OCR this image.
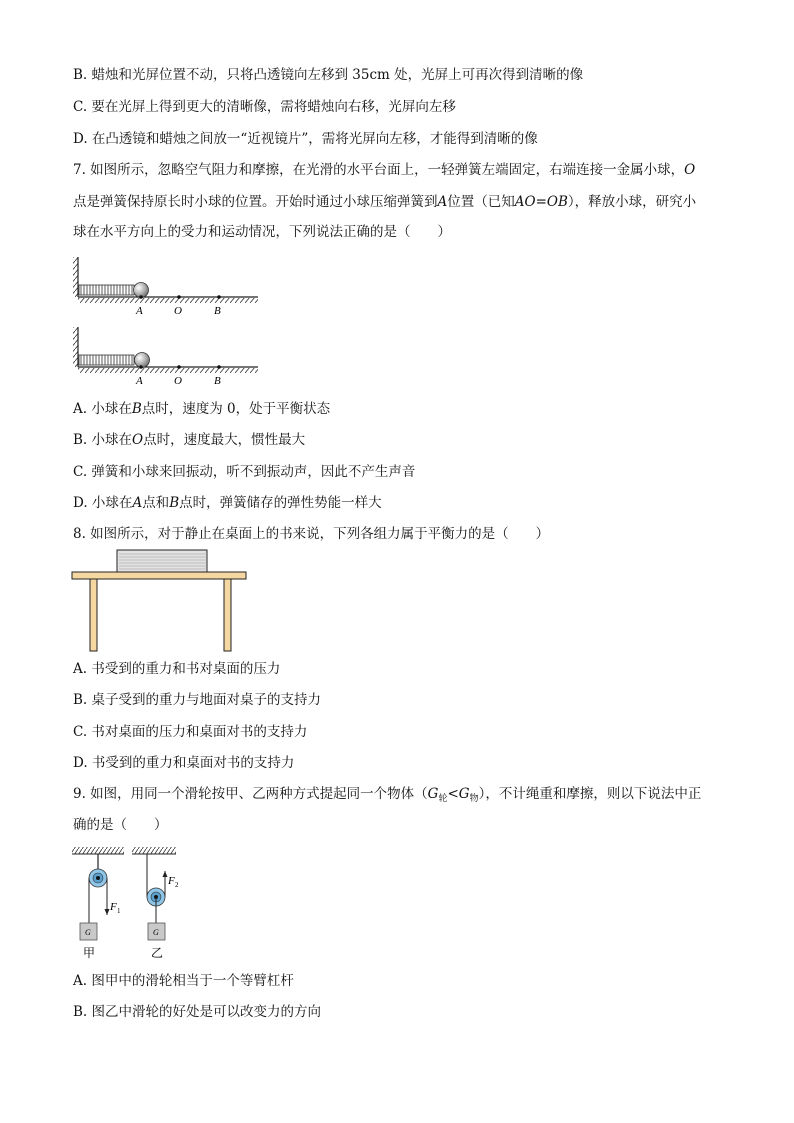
B. 蜡烛和光屏位置不动，只将凸透镜向左移到 35cm 处，光屏上可再次得到清晰的像
C. 要在光屏上得到更大的清晰像，需将蜡烛向右移，光屏向左移
D. 在凸透镜和蜡烛之间放一“近视镜片”，需将光屏向左移，才能得到清晰的像
7. 如图所示，忽略空气阻力和摩擦，在光滑的水平台面上，一轻弹簧左端固定，右端连接一金属小球，O
点是弹簧保持原长时小球的位置。开始时通过小球压缩弹簧到A位置（已知AO=OB），释放小球，研究小
球在水平方向上的受力和运动情况，下列说法正确的是（　　）
A	O	B
A	O	B
A. 小球在B点时，速度为 0，处于平衡状态
B. 小球在O点时，速度最大，惯性最大
C. 弹簧和小球来回振动，听不到振动声，因此不产生声音
D. 小球在A点和B点时，弹簧储存的弹性势能一样大
8. 如图所示，对于静止在桌面上的书来说，下列各组力属于平衡力的是（　　）
A. 书受到的重力和书对桌面的压力
B. 桌子受到的重力与地面对桌子的支持力
C. 书对桌面的压力和桌面对书的支持力
D. 书受到的重力和桌面对书的支持力
9. 如图，用同一个滑轮按甲、乙两种方式提起同一个物体$(G_轮<G_物)$，不计绳重和摩擦，则以下说法中正
确的是（　　）
G
F 1
甲
G
F 2
乙
A. 图甲中的滑轮相当于一个等臂杠杆
B. 图乙中滑轮的好处是可以改变力的方向
